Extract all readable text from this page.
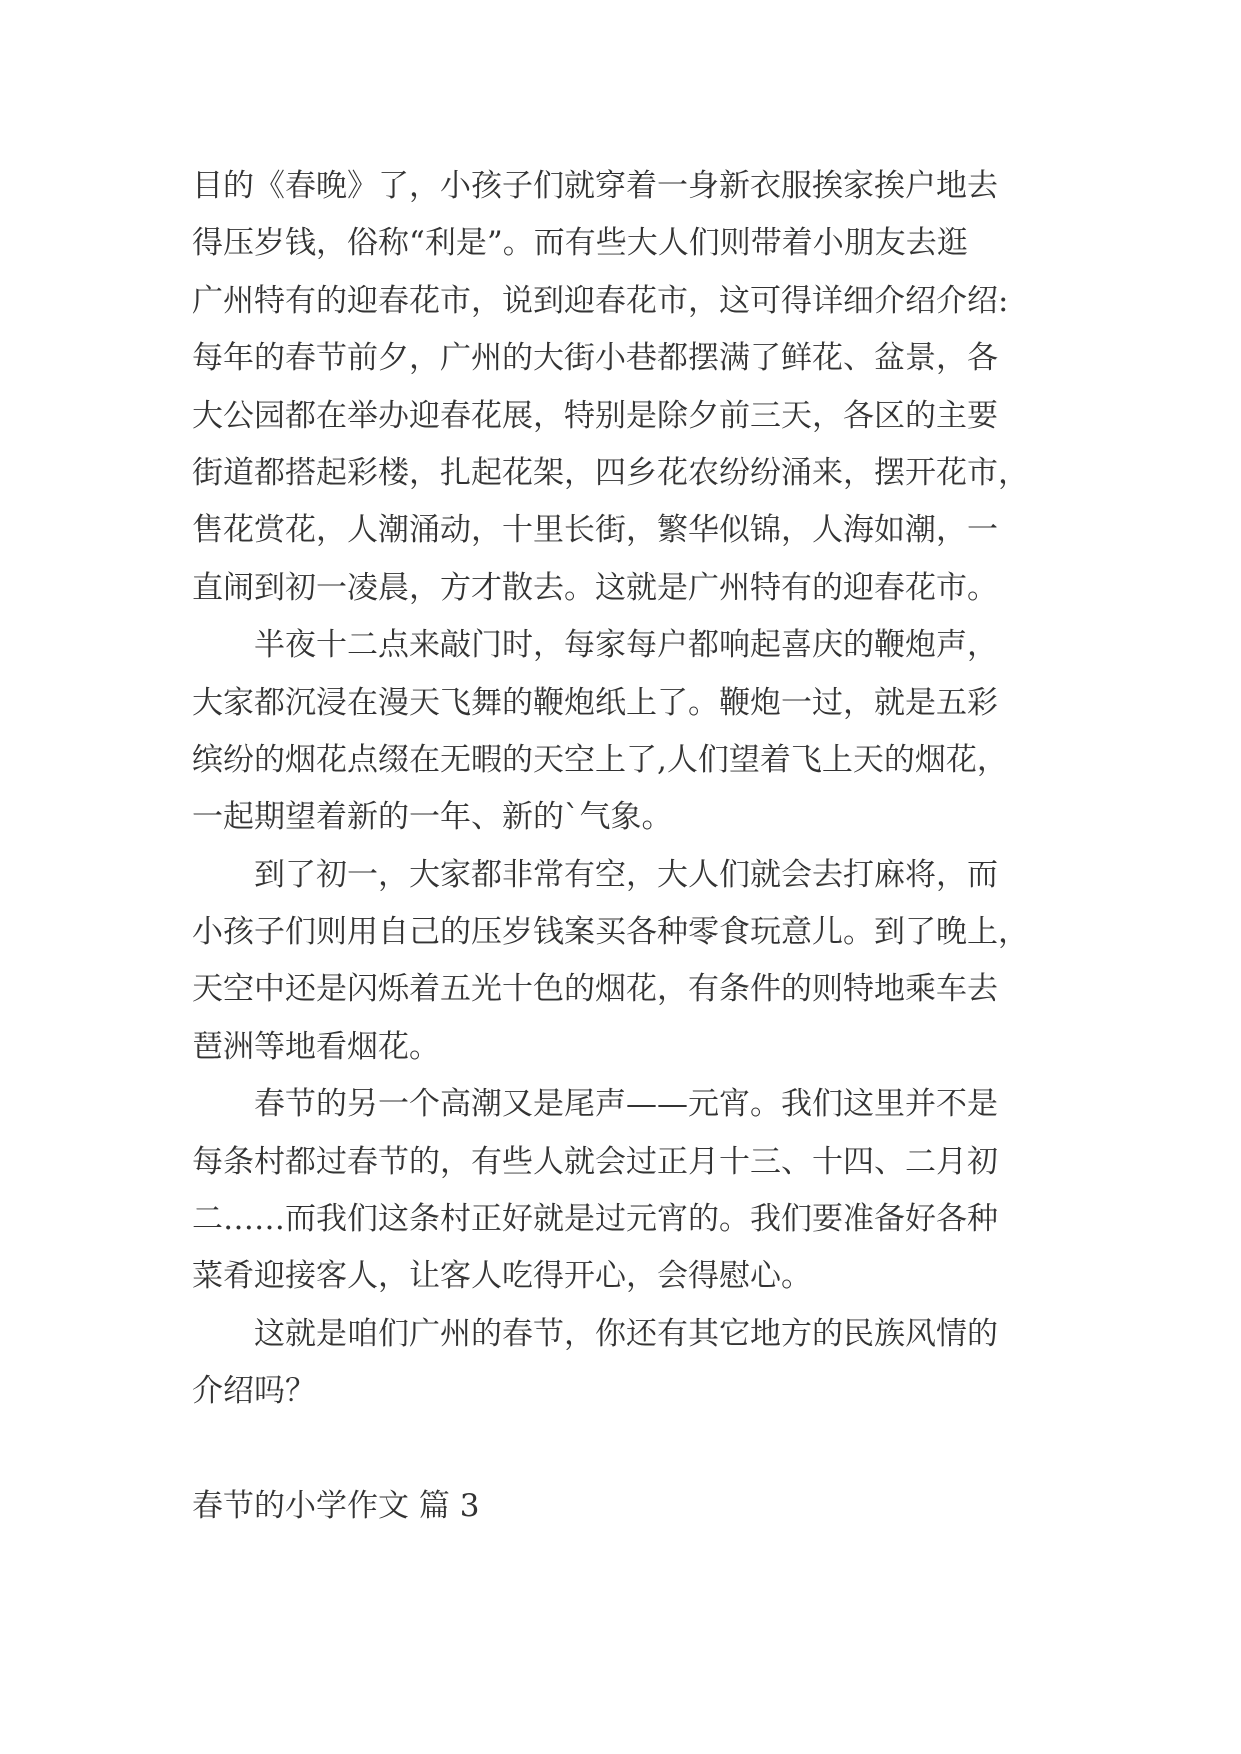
目的《春晚》了，小孩子们就穿着一身新衣服挨家挨户地去
得压岁钱，俗称“利是”。而有些大人们则带着小朋友去逛
广州特有的迎春花市，说到迎春花市，这可得详细介绍介绍:
每年的春节前夕，广州的大街小巷都摆满了鲜花、盆景，各
大公园都在举办迎春花展，特别是除夕前三天，各区的主要
街道都搭起彩楼，扎起花架，四乡花农纷纷涌来，摆开花市，
售花赏花，人潮涌动，十里长街，繁华似锦，人海如潮，一
直闹到初一凌晨，方才散去。这就是广州特有的迎春花市。
半夜十二点来敲门时，每家每户都响起喜庆的鞭炮声，
大家都沉浸在漫天飞舞的鞭炮纸上了。鞭炮一过，就是五彩
缤纷的烟花点缀在无暇的天空上了,人们望着飞上天的烟花，
一起期望着新的一年、新的`气象。
到了初一，大家都非常有空，大人们就会去打麻将，而
小孩子们则用自己的压岁钱案买各种零食玩意儿。到了晚上，
天空中还是闪烁着五光十色的烟花，有条件的则特地乘车去
琶洲等地看烟花。
春节的另一个高潮又是尾声——元宵。我们这里并不是
每条村都过春节的，有些人就会过正月十三、十四、二月初
二……而我们这条村正好就是过元宵的。我们要准备好各种
菜肴迎接客人，让客人吃得开心，会得慰心。
这就是咱们广州的春节，你还有其它地方的民族风情的
介绍吗？
春节的小学作文 篇 3
